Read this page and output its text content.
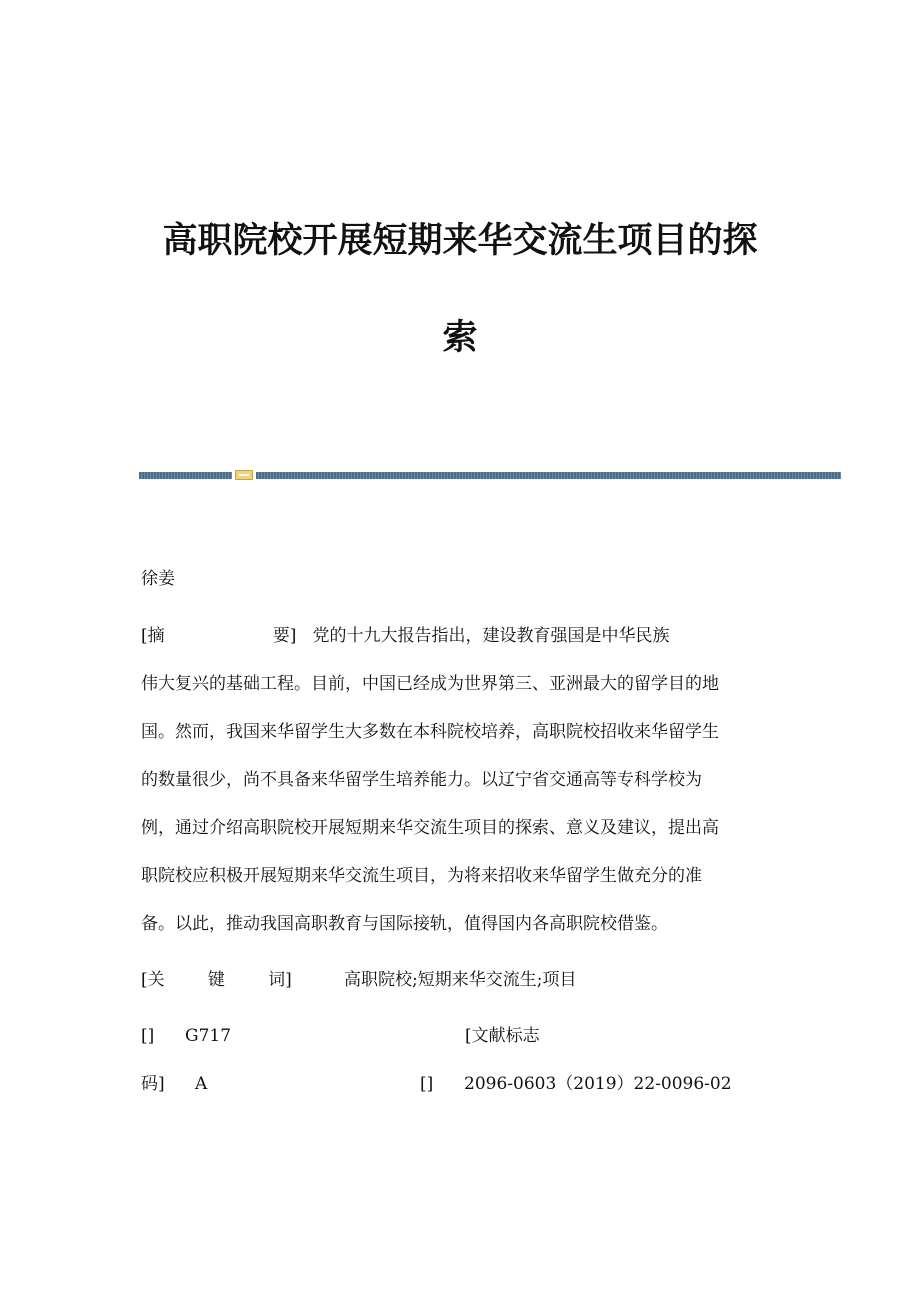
高职院校开展短期来华交流生项目的探
索
徐姜
[摘                    要]   党的十九大报告指出，建设教育强国是中华民族
伟大复兴的基础工程。目前，中国已经成为世界第三、亚洲最大的留学目的地
国。然而，我国来华留学生大多数在本科院校培养，高职院校招收来华留学生
的数量很少，尚不具备来华留学生培养能力。以辽宁省交通高等专科学校为
例，通过介绍高职院校开展短期来华交流生项目的探索、意义及建议，提出高
职院校应积极开展短期来华交流生项目，为将来招收来华留学生做充分的准
备。以此，推动我国高职教育与国际接轨，值得国内各高职院校借鉴。
[关        键        词]	高职院校;短期来华交流生;项目
[] G717	[文献标志
码] A	[] 2096-0603（2019）22-0096-02
